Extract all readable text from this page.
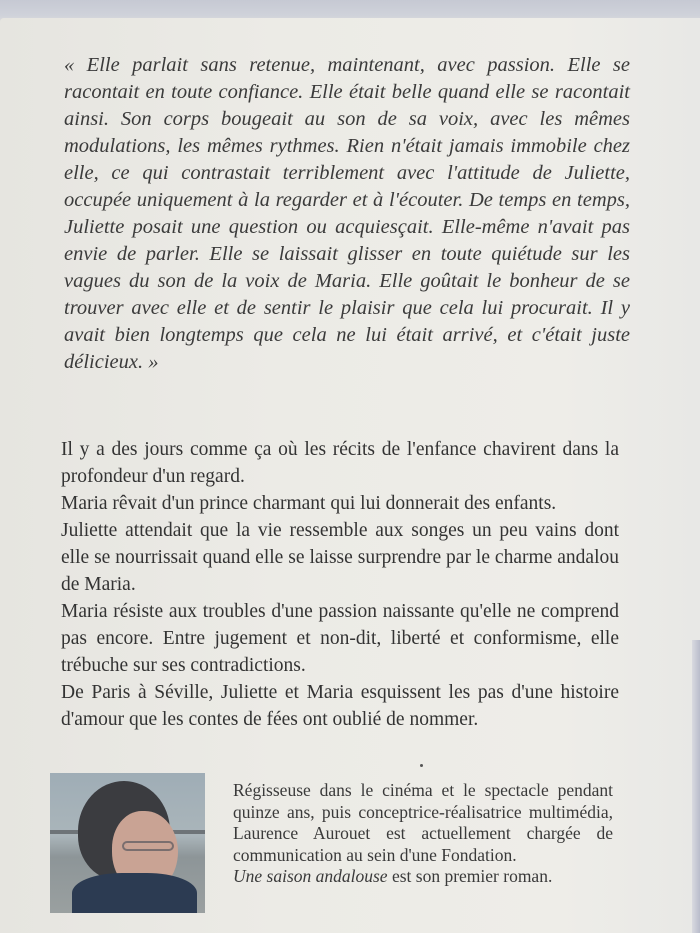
« Elle parlait sans retenue, maintenant, avec passion. Elle se racontait en toute confiance. Elle était belle quand elle se racontait ainsi. Son corps bougeait au son de sa voix, avec les mêmes modulations, les mêmes rythmes. Rien n'était jamais immobile chez elle, ce qui contrastait terriblement avec l'attitude de Juliette, occupée uniquement à la regarder et à l'écouter. De temps en temps, Juliette posait une question ou acquiesçait. Elle-même n'avait pas envie de parler. Elle se laissait glisser en toute quiétude sur les vagues du son de la voix de Maria. Elle goûtait le bonheur de se trouver avec elle et de sentir le plaisir que cela lui procurait. Il y avait bien longtemps que cela ne lui était arrivé, et c'était juste délicieux. »

Il y a des jours comme ça où les récits de l'enfance chavirent dans la profondeur d'un regard.

Maria rêvait d'un prince charmant qui lui donnerait des enfants.

Juliette attendait que la vie ressemble aux songes un peu vains dont elle se nourrissait quand elle se laisse surprendre par le charme andalou de Maria.

Maria résiste aux troubles d'une passion naissante qu'elle ne comprend pas encore. Entre jugement et non-dit, liberté et conformisme, elle trébuche sur ses contradictions.

De Paris à Séville, Juliette et Maria esquissent les pas d'une histoire d'amour que les contes de fées ont oublié de nommer.

Régisseuse dans le cinéma et le spectacle pendant quinze ans, puis conceptrice-réalisatrice multimédia, Laurence Aurouet est actuellement chargée de communication au sein d'une Fondation.

Une saison andalouse est son premier roman.
